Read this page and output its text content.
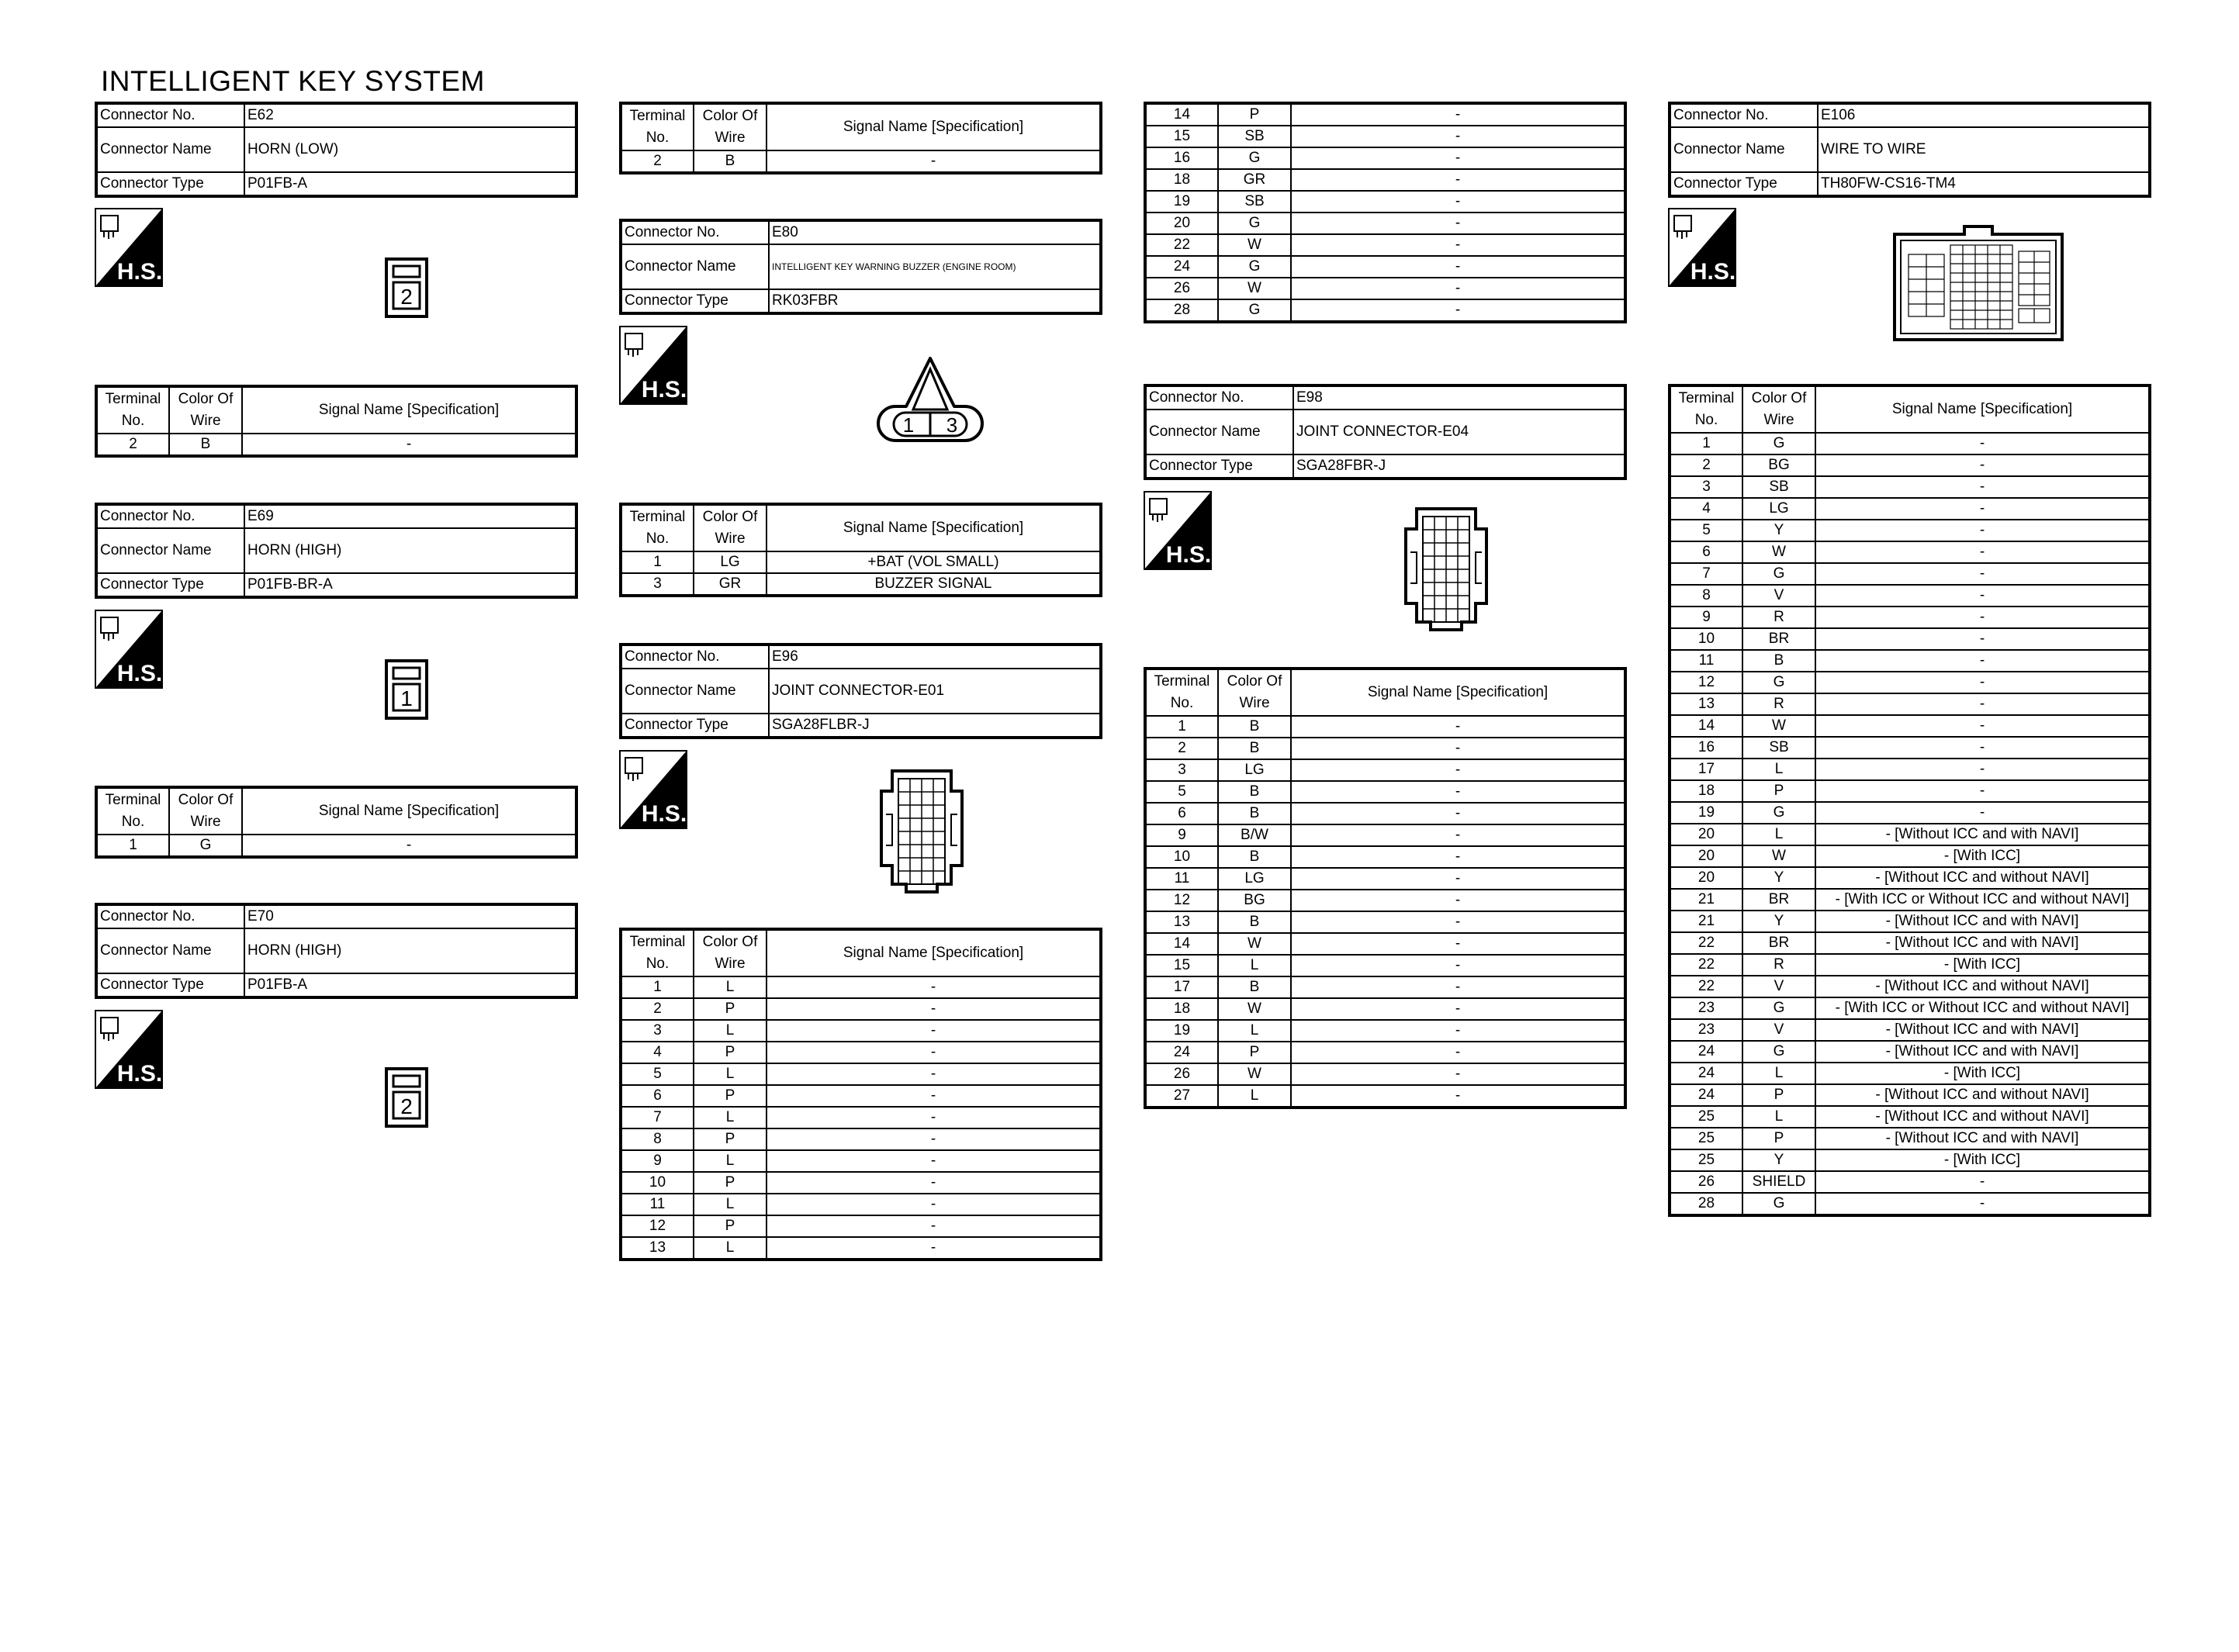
INTELLIGENT KEY SYSTEM
Connector No.	E62
Connector Name	HORN (LOW)
Connector Type	P01FB-A
H.S.
2
Terminal
No.	Color Of
Wire	Signal Name [Specification]
2	B	-
Connector No.	E69
Connector Name	HORN (HIGH)
Connector Type	P01FB-BR-A
H.S.
1
Terminal
No.	Color Of
Wire	Signal Name [Specification]
1	G	-
Connector No.	E70
Connector Name	HORN (HIGH)
Connector Type	P01FB-A
H.S.
2
Terminal
No.	Color Of
Wire	Signal Name [Specification]
2	B	-
Connector No.	E80
Connector Name	INTELLIGENT KEY WARNING BUZZER (ENGINE ROOM)
Connector Type	RK03FBR
H.S.
1 3
Terminal
No.	Color Of
Wire	Signal Name [Specification]
1	LG	+BAT (VOL SMALL)
3	GR	BUZZER SIGNAL
Connector No.	E96
Connector Name	JOINT CONNECTOR-E01
Connector Type	SGA28FLBR-J
H.S.
Terminal
No.	Color Of
Wire	Signal Name [Specification]
1	L	-
2	P	-
3	L	-
4	P	-
5	L	-
6	P	-
7	L	-
8	P	-
9	L	-
10	P	-
11	L	-
12	P	-
13	L	-
14	P	-
15	SB	-
16	G	-
18	GR	-
19	SB	-
20	G	-
22	W	-
24	G	-
26	W	-
28	G	-
Connector No.	E98
Connector Name	JOINT CONNECTOR-E04
Connector Type	SGA28FBR-J
H.S.
Terminal
No.	Color Of
Wire	Signal Name [Specification]
1	B	-
2	B	-
3	LG	-
5	B	-
6	B	-
9	B/W	-
10	B	-
11	LG	-
12	BG	-
13	B	-
14	W	-
15	L	-
17	B	-
18	W	-
19	L	-
24	P	-
26	W	-
27	L	-
Connector No.	E106
Connector Name	WIRE TO WIRE
Connector Type	TH80FW-CS16-TM4
H.S.
Terminal
No.	Color Of
Wire	Signal Name [Specification]
1	G	-
2	BG	-
3	SB	-
4	LG	-
5	Y	-
6	W	-
7	G	-
8	V	-
9	R	-
10	BR	-
11	B	-
12	G	-
13	R	-
14	W	-
16	SB	-
17	L	-
18	P	-
19	G	-
20	L	- [Without ICC and with NAVI]
20	W	- [With ICC]
20	Y	- [Without ICC and without NAVI]
21	BR	- [With ICC or Without ICC and without NAVI]
21	Y	- [Without ICC and with NAVI]
22	BR	- [Without ICC and with NAVI]
22	R	- [With ICC]
22	V	- [Without ICC and without NAVI]
23	G	- [With ICC or Without ICC and without NAVI]
23	V	- [Without ICC and with NAVI]
24	G	- [Without ICC and with NAVI]
24	L	- [With ICC]
24	P	- [Without ICC and without NAVI]
25	L	- [Without ICC and without NAVI]
25	P	- [Without ICC and with NAVI]
25	Y	- [With ICC]
26	SHIELD	-
28	G	-
